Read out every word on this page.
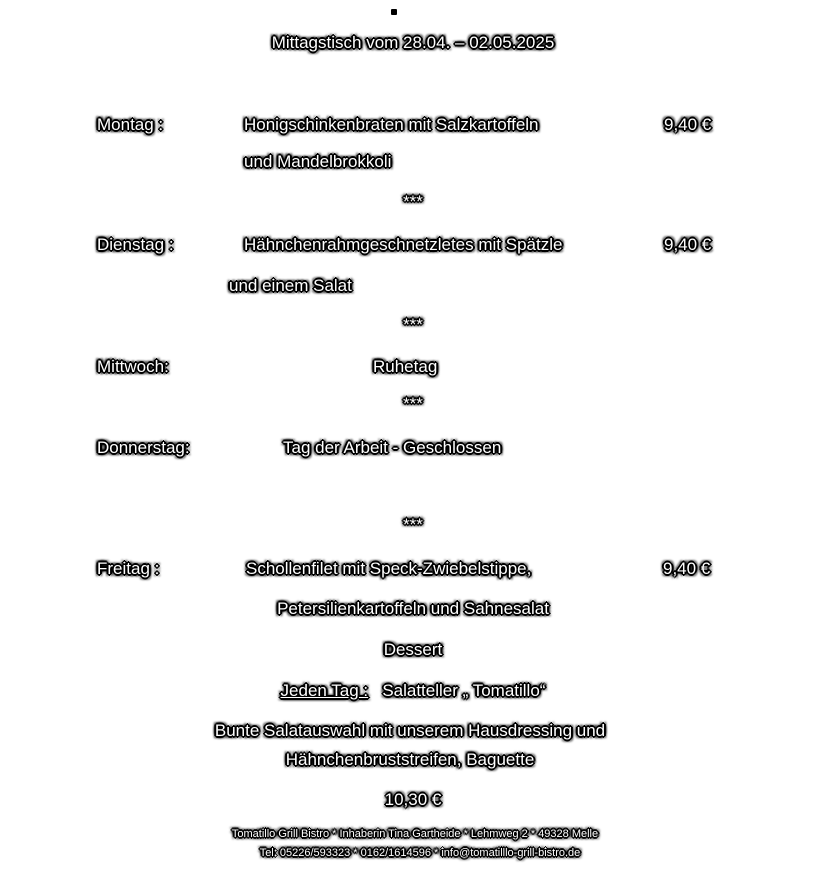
Mittagstisch vom 28.04. – 02.05.2025
Montag :	Honigschinkenbraten mit Salzkartoffeln	9,40 €
und Mandelbrokkoli
***
Dienstag :	Hähnchenrahmgeschnetzletes mit Spätzle	9,40 €
und einem Salat
***
Mittwoch:	Ruhetag
***
Donnerstag:	Tag der Arbeit - Geschlossen
***
Freitag :	Schollenfilet mit Speck-Zwiebelstippe,	9,40 €
Petersilienkartoffeln und Sahnesalat
Dessert
Jeden Tag : Salatteller „ Tomatillo“
Bunte Salatauswahl mit unserem Hausdressing und
Hähnchenbruststreifen, Baguette
10,30 €
Tomatillo Grill Bistro * Inhaberin Tina Gartheide * Lehmweg 2 * 49328 Melle
Tel: 05226/593323 * 0162/1614596 * info@tomatilllo-grill-bistro.de
